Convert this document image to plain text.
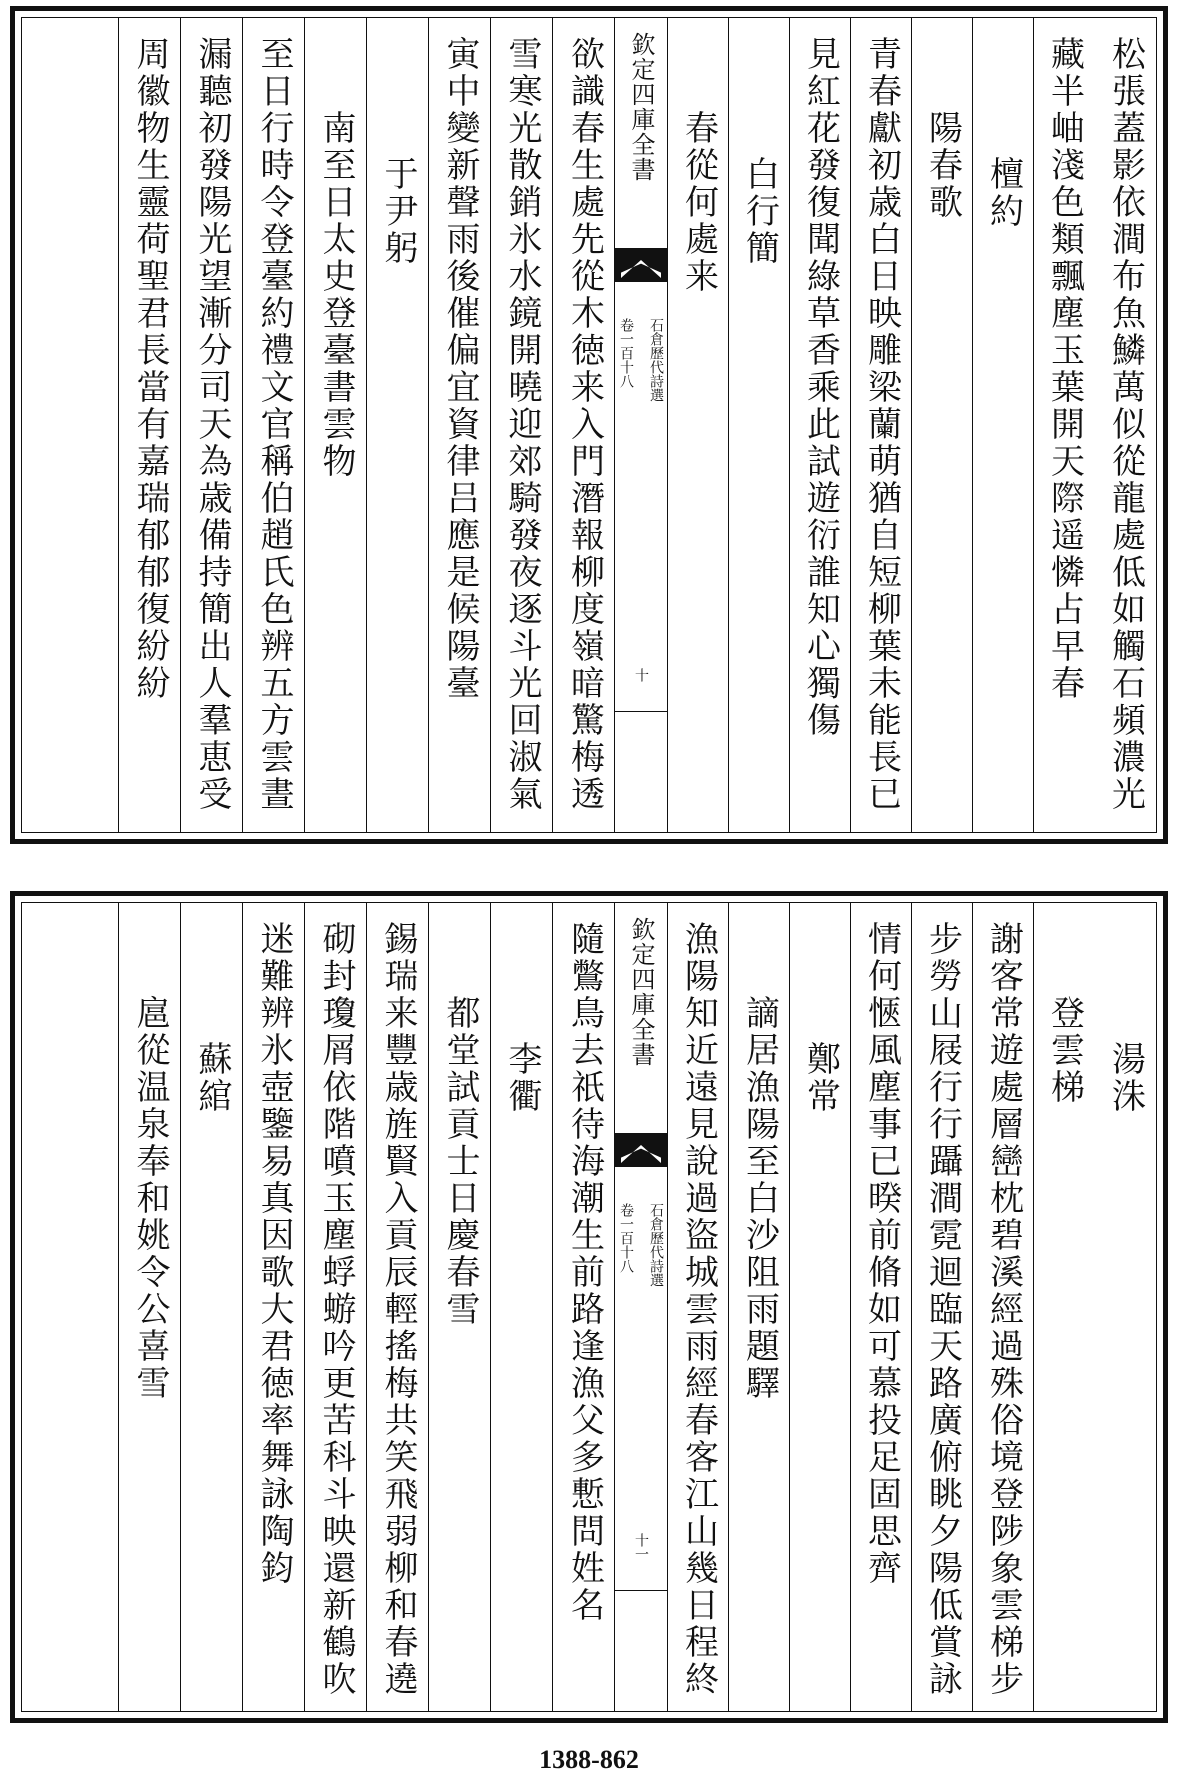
松張蓋影依澗布魚鱗萬似從龍處低如觸石頻濃光
藏半岫淺色類飄塵玉葉開天際遥憐占早春
檀約
陽春歌
青春獻初歳白日映雕梁蘭萌猶自短柳葉未能長已
見紅花發復聞綠草香乘此試遊衍誰知心獨傷
白行簡
春從何處来
欽定四庫全書
石倉歷代詩選
卷一百十八
十
欲識春生處先從木徳来入門潛報柳度嶺暗驚梅透
雪寒光散銷氷水鏡開曉迎郊騎發夜逐斗光回淑氣
寅中變新聲雨後催偏宜資律吕應是候陽臺
于尹躬
南至日太史登臺書雲物
至日行時令登臺約禮文官稱伯趙氏色辨五方雲晝
漏聽初發陽光望漸分司天為歳備持簡出人羣恵受
周徽物生靈荷聖君長當有嘉瑞郁郁復紛紛
湯洙
登雲梯
謝客常遊處層巒枕碧溪經過殊俗境登陟象雲梯步
步勞山屐行行躡澗霓迴臨天路廣俯眺夕陽低賞詠
情何愜風塵事已暌前脩如可慕投足固思齊
鄭常
謫居漁陽至白沙阻雨題驛
漁陽知近遠見說過盜城雲雨經春客江山幾日程終
欽定四庫全書
石倉歷代詩選
卷一百十八
十一
隨鷩鳥去祇待海潮生前路逢漁父多慙問姓名
李衢
都堂試貢士日慶春雪
錫瑞来豐歳旌賢入貢辰輕搖梅共笑飛弱柳和春遶
砌封瓊屑依階噴玉塵蜉蝣吟更苦科斗映還新鶴吹
迷難辨氷壺鑒易真因歌大君徳率舞詠陶鈞
蘇綰
扈從温泉奉和姚令公喜雪
1388-862
